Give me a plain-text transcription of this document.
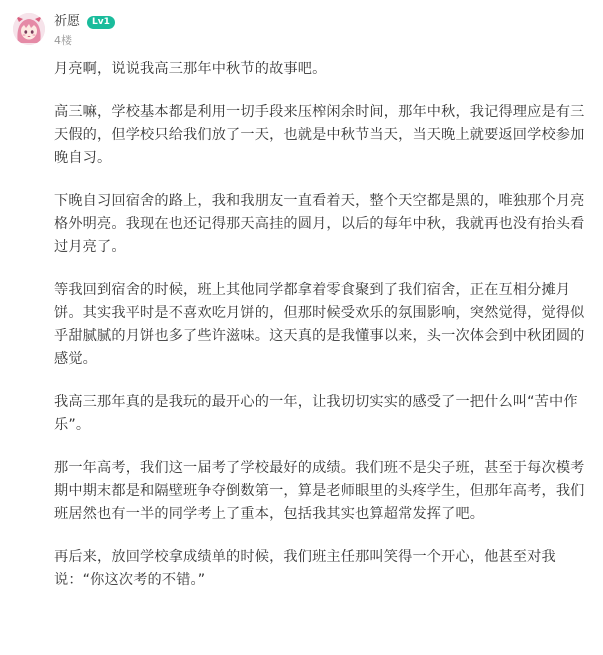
祈愿	Lv1
4楼

月亮啊，说说我高三那年中秋节的故事吧。

高三嘛，学校基本都是利用一切手段来压榨闲余时间，那年中秋，我记得理应是有三天假的，但学校只给我们放了一天，也就是中秋节当天，当天晚上就要返回学校参加晚自习。

下晚自习回宿舍的路上，我和我朋友一直看着天，整个天空都是黑的，唯独那个月亮格外明亮。我现在也还记得那天高挂的圆月，以后的每年中秋，我就再也没有抬头看过月亮了。

等我回到宿舍的时候，班上其他同学都拿着零食聚到了我们宿舍，正在互相分摊月饼。其实我平时是不喜欢吃月饼的，但那时候受欢乐的氛围影响，突然觉得，觉得似乎甜腻腻的月饼也多了些许滋味。这天真的是我懂事以来，头一次体会到中秋团圆的感觉。

我高三那年真的是我玩的最开心的一年，让我切切实实的感受了一把什么叫“苦中作乐”。

那一年高考，我们这一届考了学校最好的成绩。我们班不是尖子班，甚至于每次模考期中期末都是和隔壁班争夺倒数第一，算是老师眼里的头疼学生，但那年高考，我们班居然也有一半的同学考上了重本，包括我其实也算超常发挥了吧。

再后来，放回学校拿成绩单的时候，我们班主任那叫笑得一个开心，他甚至对我说：“你这次考的不错。”
